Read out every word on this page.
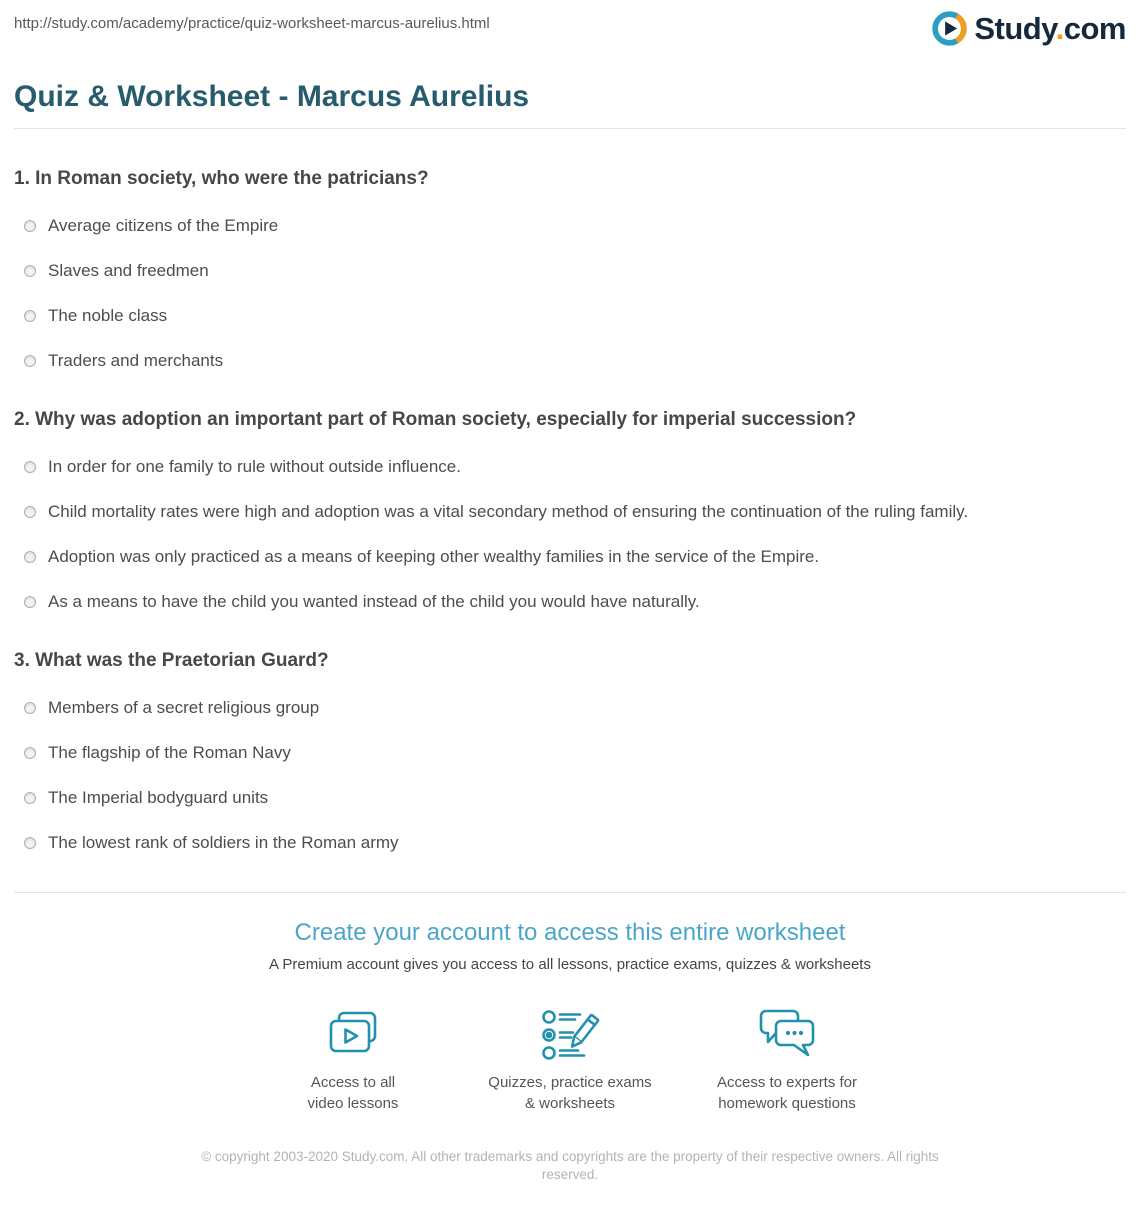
http://study.com/academy/practice/quiz-worksheet-marcus-aurelius.html	Study.com
Quiz & Worksheet - Marcus Aurelius
1. In Roman society, who were the patricians?
Average citizens of the Empire
Slaves and freedmen
The noble class
Traders and merchants
2. Why was adoption an important part of Roman society, especially for imperial succession?
In order for one family to rule without outside influence.
Child mortality rates were high and adoption was a vital secondary method of ensuring the continuation of the ruling family.
Adoption was only practiced as a means of keeping other wealthy families in the service of the Empire.
As a means to have the child you wanted instead of the child you would have naturally.
3. What was the Praetorian Guard?
Members of a secret religious group
The flagship of the Roman Navy
The Imperial bodyguard units
The lowest rank of soldiers in the Roman army
Create your account to access this entire worksheet
A Premium account gives you access to all lessons, practice exams, quizzes & worksheets
Access to all
video lessons
Quizzes, practice exams
& worksheets
Access to experts for
homework questions
© copyright 2003-2020 Study.com. All other trademarks and copyrights are the property of their respective owners. All rights reserved.
